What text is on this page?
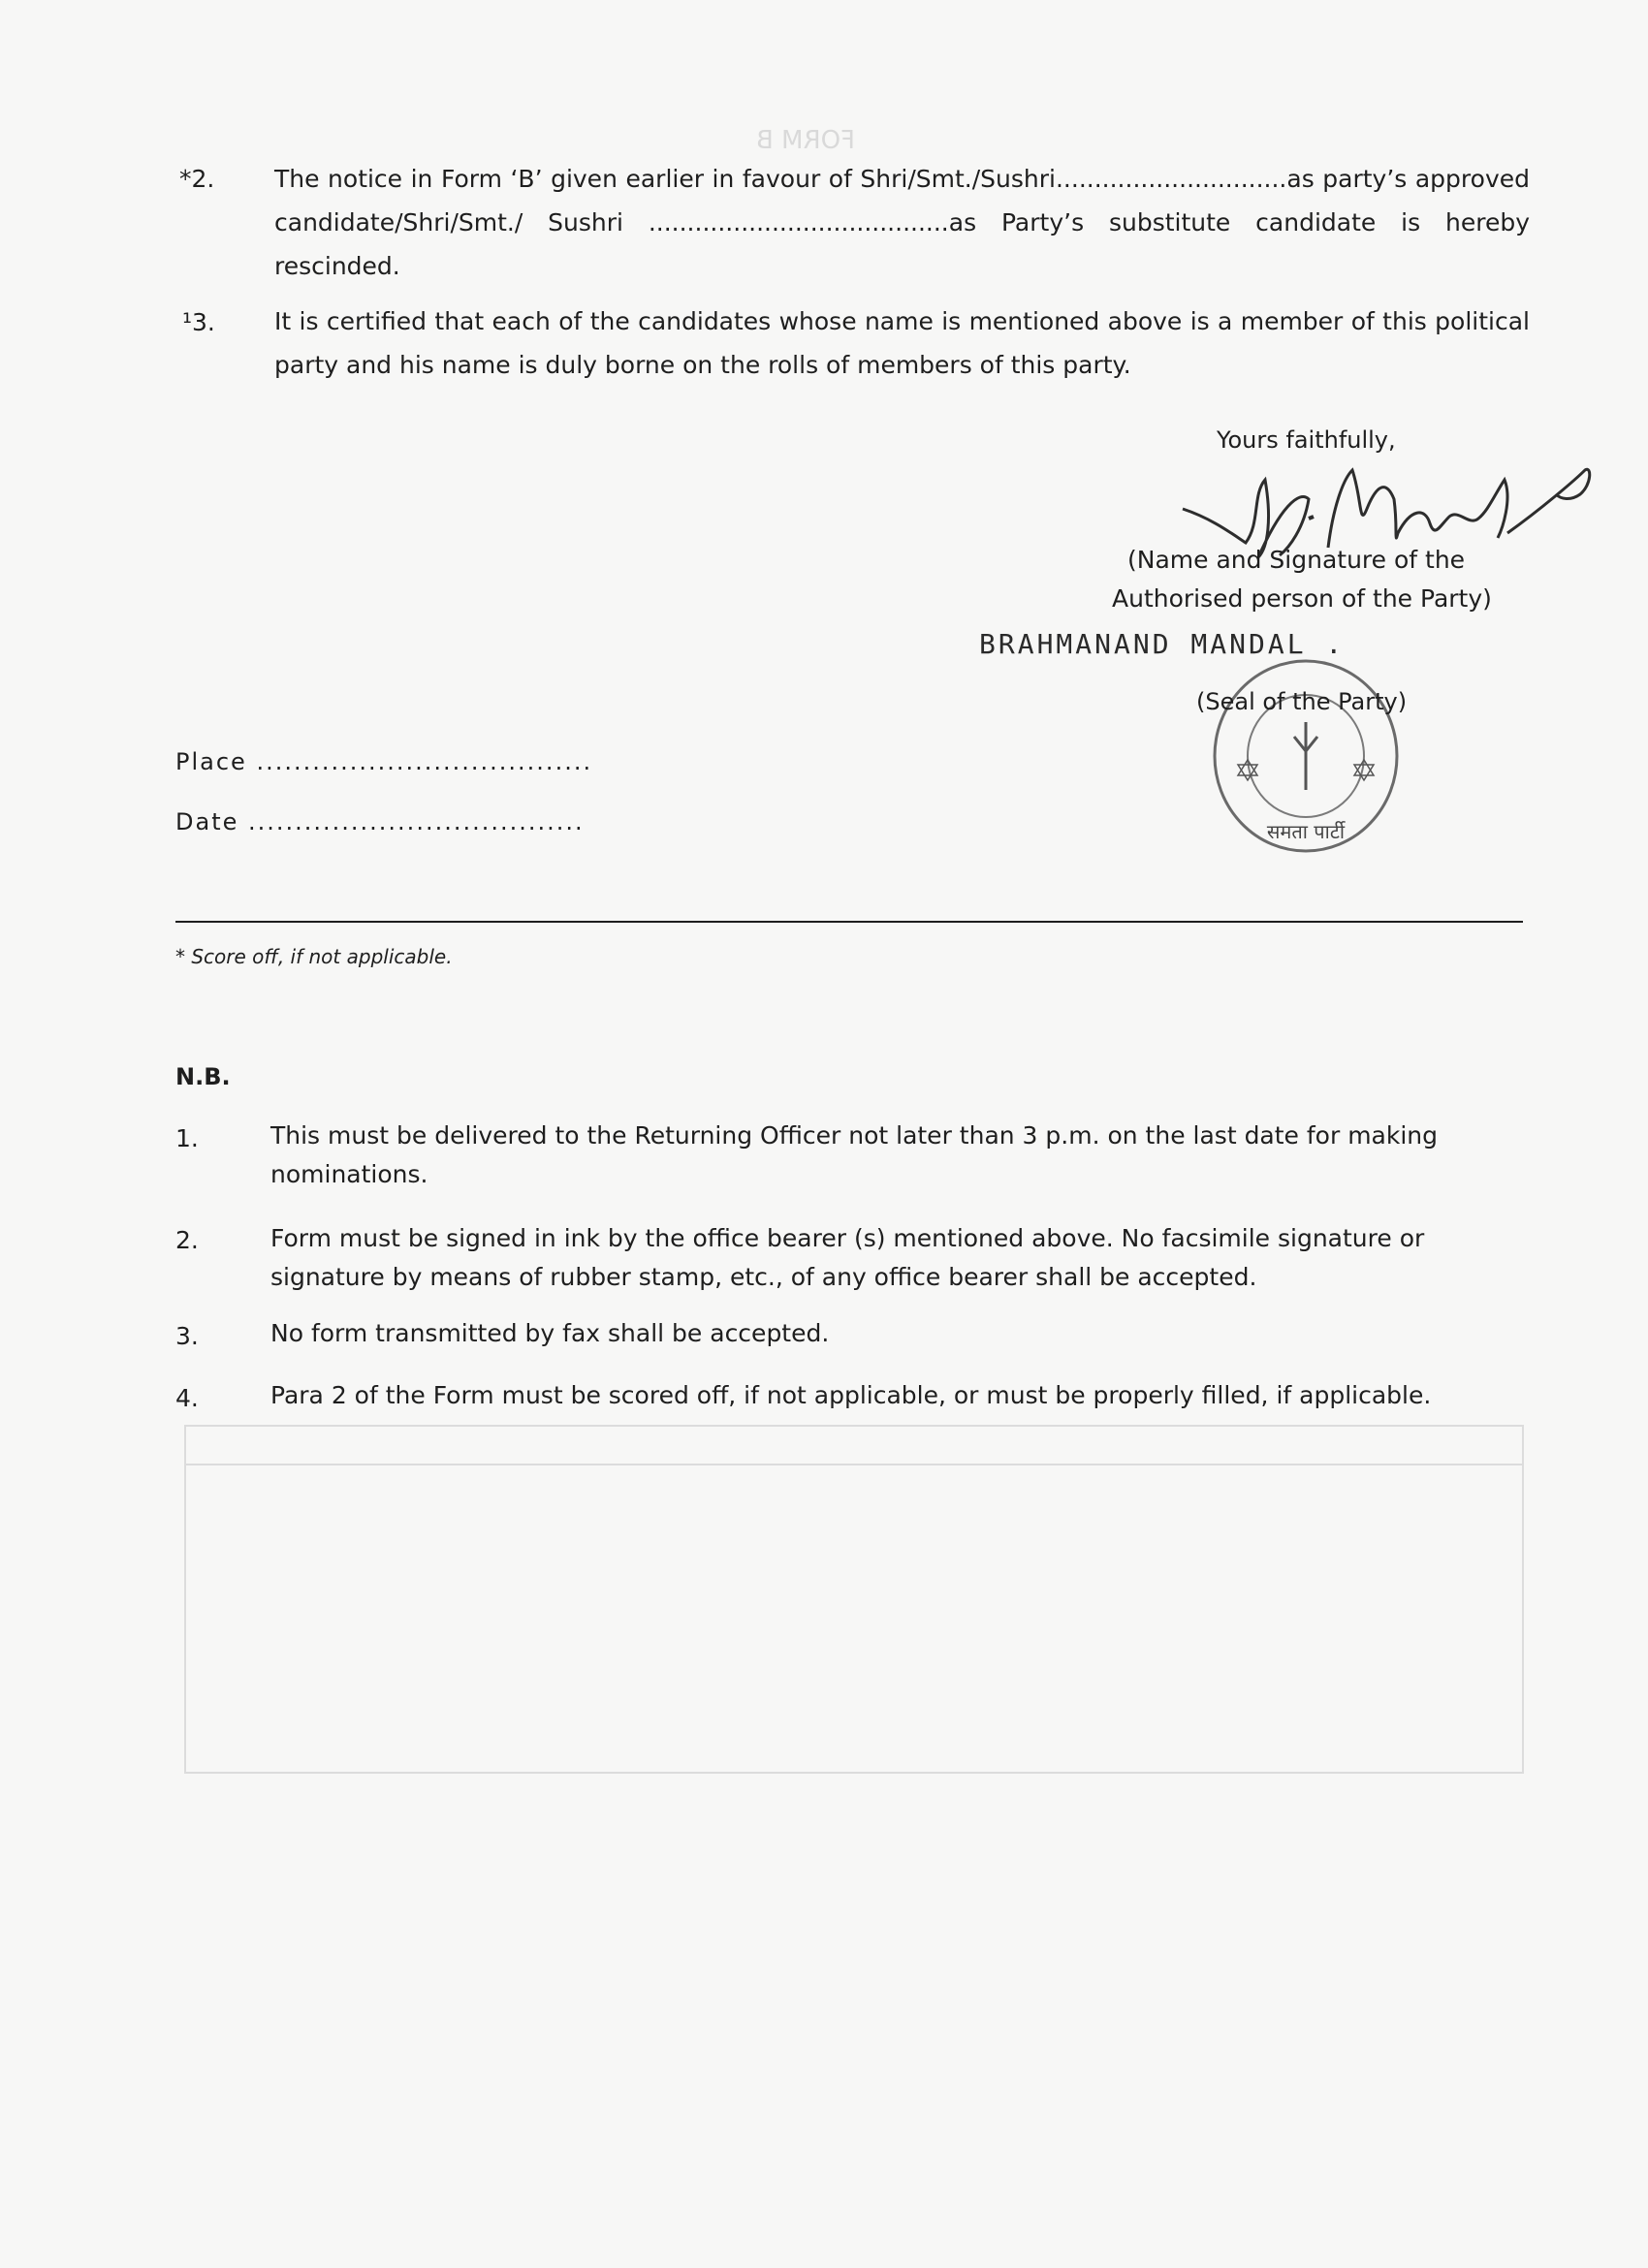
FORM B
*2. The notice in Form ‘B’ given earlier in favour of Shri/Smt./Sushri..............................as party’s approved candidate/Shri/Smt./ Sushri .......................................as Party’s substitute candidate is hereby rescinded.
¹3. It is certified that each of the candidates whose name is mentioned above is a member of this political party and his name is duly borne on the rolls of members of this party.
Yours faithfully,
(Name and Signature of the
Authorised person of the Party)
BRAHMANAND MANDAL .
समता पार्टी
(Seal of the Party)
Place ....................................
Date ....................................
* Score off, if not applicable.
N.B.
1.	This must be delivered to the Returning Officer not later than 3 p.m. on the last date for making nominations.
2.	Form must be signed in ink by the office bearer (s) mentioned above. No facsimile signature or signature by means of rubber stamp, etc., of any office bearer shall be accepted.
3.	No form transmitted by fax shall be accepted.
4.	Para 2 of the Form must be scored off, if not applicable, or must be properly filled, if applicable.
